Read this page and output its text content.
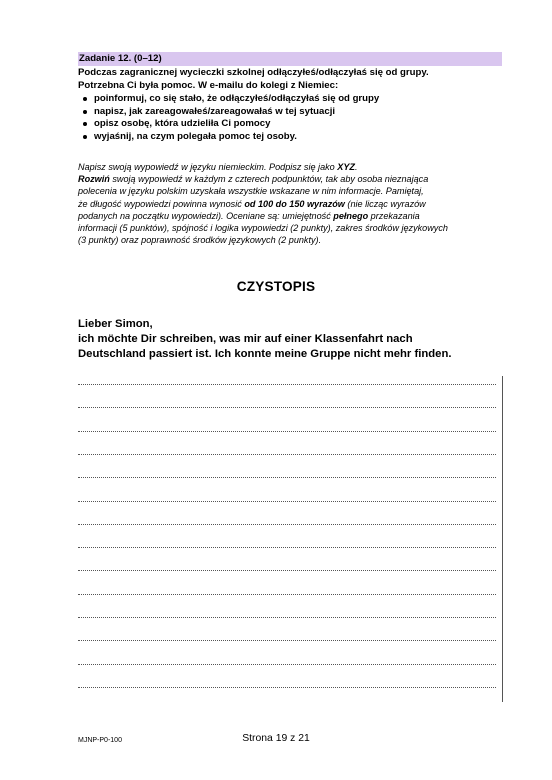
Zadanie 12. (0–12)

Podczas zagranicznej wycieczki szkolnej odłączyłeś/odłączyłaś się od grupy.

Potrzebna Ci była pomoc. W e-mailu do kolegi z Niemiec:

poinformuj, co się stało, że odłączyłeś/odłączyłaś się od grupy
napisz, jak zareagowałeś/zareagowałaś w tej sytuacji
opisz osobę, która udzieliła Ci pomocy
wyjaśnij, na czym polegała pomoc tej osoby.

Napisz swoją wypowiedź w języku niemieckim. Podpisz się jako XYZ.

Rozwiń swoją wypowiedź w każdym z czterech podpunktów, tak aby osoba nieznająca

polecenia w języku polskim uzyskała wszystkie wskazane w nim informacje. Pamiętaj,

że długość wypowiedzi powinna wynosić od 100 do 150 wyrazów (nie licząc wyrazów

podanych na początku wypowiedzi). Oceniane są: umiejętność pełnego przekazania

informacji (5 punktów), spójność i logika wypowiedzi (2 punkty), zakres środków językowych

(3 punkty) oraz poprawność środków językowych (2 punkty).

CZYSTOPIS

Lieber Simon,

ich möchte Dir schreiben, was mir auf einer Klassenfahrt nach

Deutschland passiert ist. Ich konnte meine Gruppe nicht mehr finden.

MJNP-P0-100	Strona 19 z 21
